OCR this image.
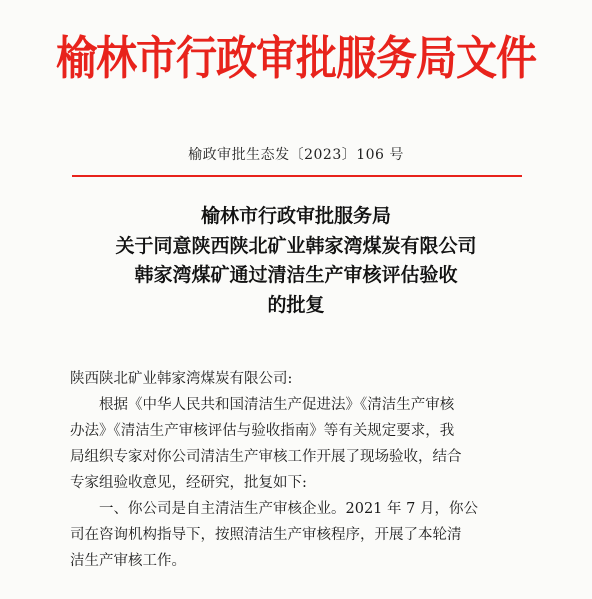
榆林市行政审批服务局文件
榆政审批生态发〔2023〕106 号
榆林市行政审批服务局
关于同意陕西陕北矿业韩家湾煤炭有限公司
韩家湾煤矿通过清洁生产审核评估验收
的批复
陕西陕北矿业韩家湾煤炭有限公司:
根据《中华人民共和国清洁生产促进法》《清洁生产审核
办法》《清洁生产审核评估与验收指南》等有关规定要求，我
局组织专家对你公司清洁生产审核工作开展了现场验收，结合
专家组验收意见，经研究，批复如下:
一、你公司是自主清洁生产审核企业。2021 年 7 月，你公
司在咨询机构指导下，按照清洁生产审核程序，开展了本轮清
洁生产审核工作。
